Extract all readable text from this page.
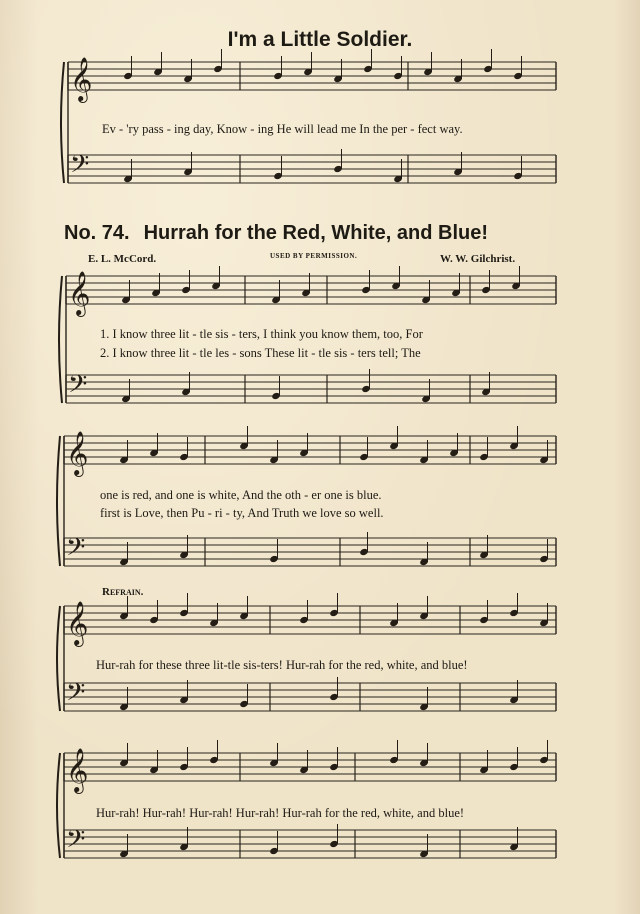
I'm a Little Soldier.
𝄞
𝄢
𝄞
𝄢
𝄞
𝄢
𝄞
𝄢
𝄞
𝄢
Ev - 'ry pass - ing day, Know - ing He will lead me In the per - fect way.
No. 74. Hurrah for the Red, White, and Blue!
E. L. McCord.	USED BY PERMISSION.	W. W. Gilchrist.
1. I know three lit - tle sis - ters, I think you know them, too, For
2. I know three lit - tle les - sons These lit - tle sis - ters tell; The
one is red, and one is white, And the oth - er one is blue.
first is Love, then Pu - ri - ty, And Truth we love so well.
Refrain.
Hur-rah for these three lit-tle sis-ters! Hur-rah for the red, white, and blue!
Hur-rah! Hur-rah! Hur-rah! Hur-rah! Hur-rah for the red, white, and blue!
